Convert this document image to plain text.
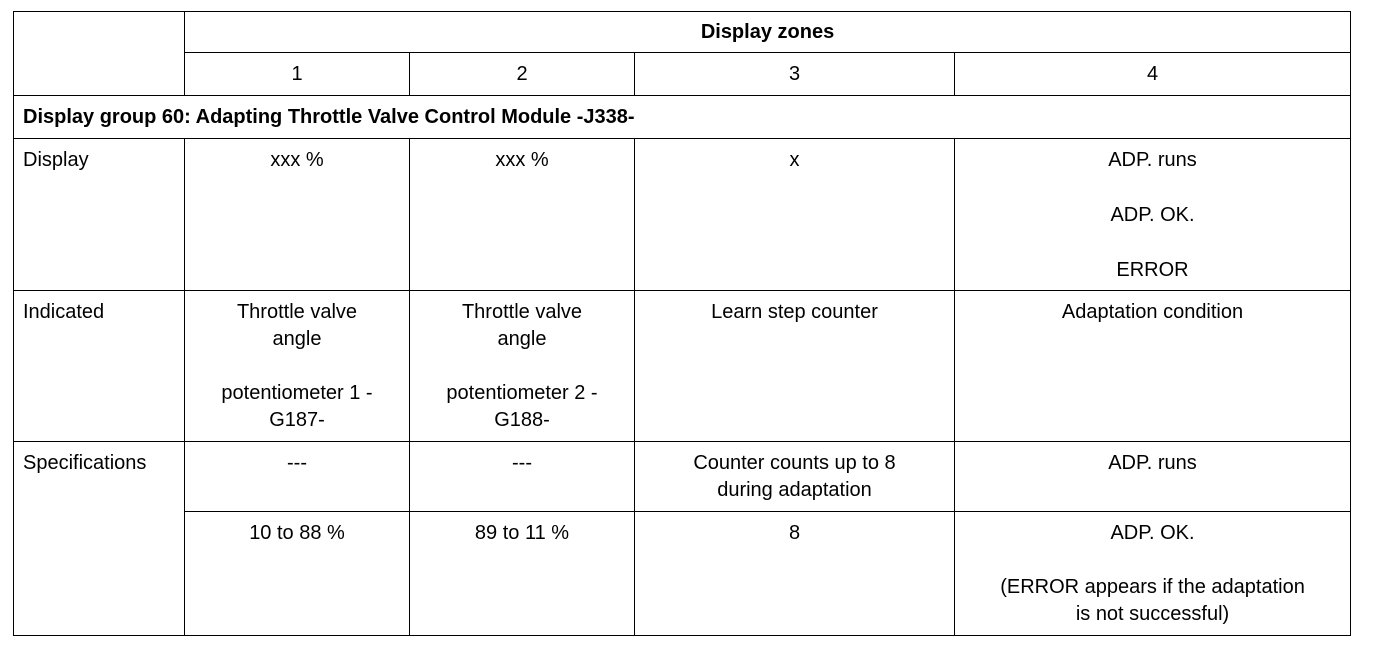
	Display zones			
	1	2	3	4
Display group 60: Adapting Throttle Valve Control Module -J338-				
Display	xxx %	xxx %	x	ADP. runs
ADP. OK.
ERROR

Indicated	Throttle valve
angle
potentiometer 1 -
G187-	Throttle valve
angle
potentiometer 2 -
G188-	Learn step counter	Adaptation condition
Specifications	---	---	Counter counts up to 8
during adaptation	ADP. runs
	10 to 88 %	89 to 11 %	8	ADP. OK.
(ERROR appears if the adaptation
is not successful)
